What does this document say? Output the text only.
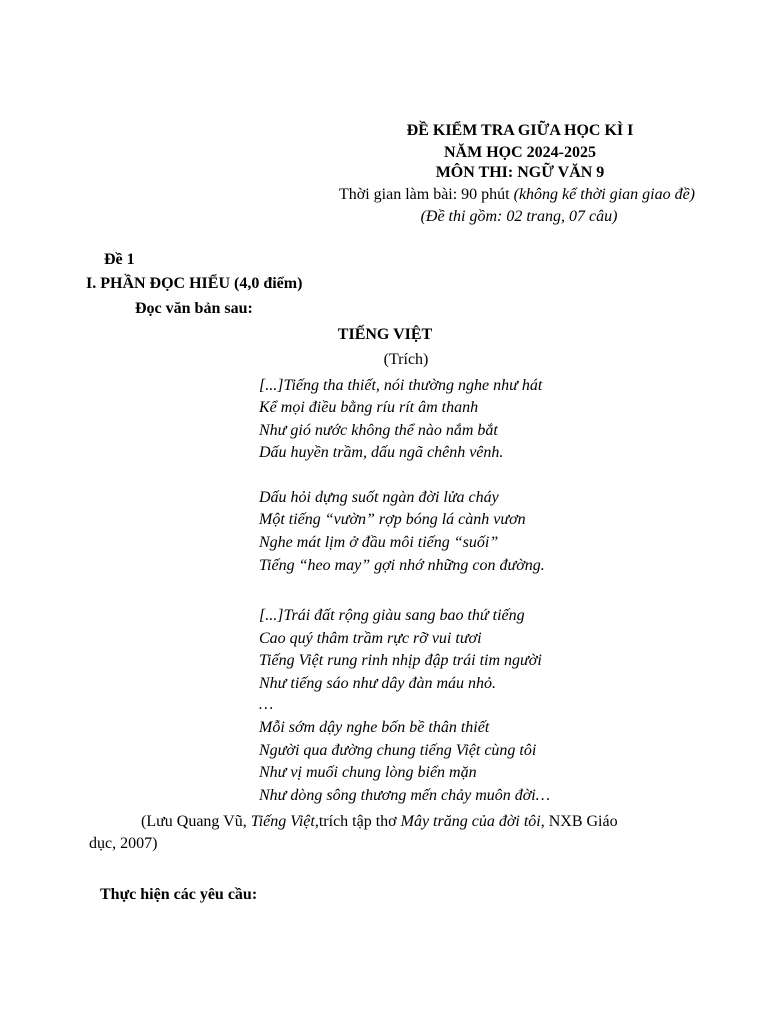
ĐỀ KIỂM TRA GIỮA HỌC KÌ I
NĂM HỌC 2024-2025
MÔN THI: NGỮ VĂN 9
Thời gian làm bài: 90 phút (không kể thời gian giao đề)
(Đề thi gồm: 02 trang, 07 câu)
Đề 1
I. PHẦN ĐỌC HIỂU (4,0 điểm)
Đọc văn bản sau:
TIẾNG VIỆT
(Trích)
[...]Tiếng tha thiết, nói thường nghe như hát
Kể mọi điều bằng ríu rít âm thanh
Như gió nước không thể nào nắm bắt
Dấu huyền trầm, dấu ngã chênh vênh.
Dấu hỏi dựng suốt ngàn đời lửa cháy
Một tiếng “vườn” rợp bóng lá cành vươn
Nghe mát lịm ở đầu môi tiếng “suối”
Tiếng “heo may” gợi nhớ những con đường.
[...]Trái đất rộng giàu sang bao thứ tiếng
Cao quý thâm trầm rực rỡ vui tươi
Tiếng Việt rung rinh nhịp đập trái tim người
Như tiếng sáo như dây đàn máu nhỏ.
…
Mỗi sớm dậy nghe bốn bề thân thiết
Người qua đường chung tiếng Việt cùng tôi
Như vị muối chung lòng biển mặn
Như dòng sông thương mến chảy muôn đời…
(Lưu Quang Vũ, Tiếng Việt,trích tập thơ Mây trăng của đời tôi, NXB Giáo
dục, 2007)
Thực hiện các yêu cầu:
